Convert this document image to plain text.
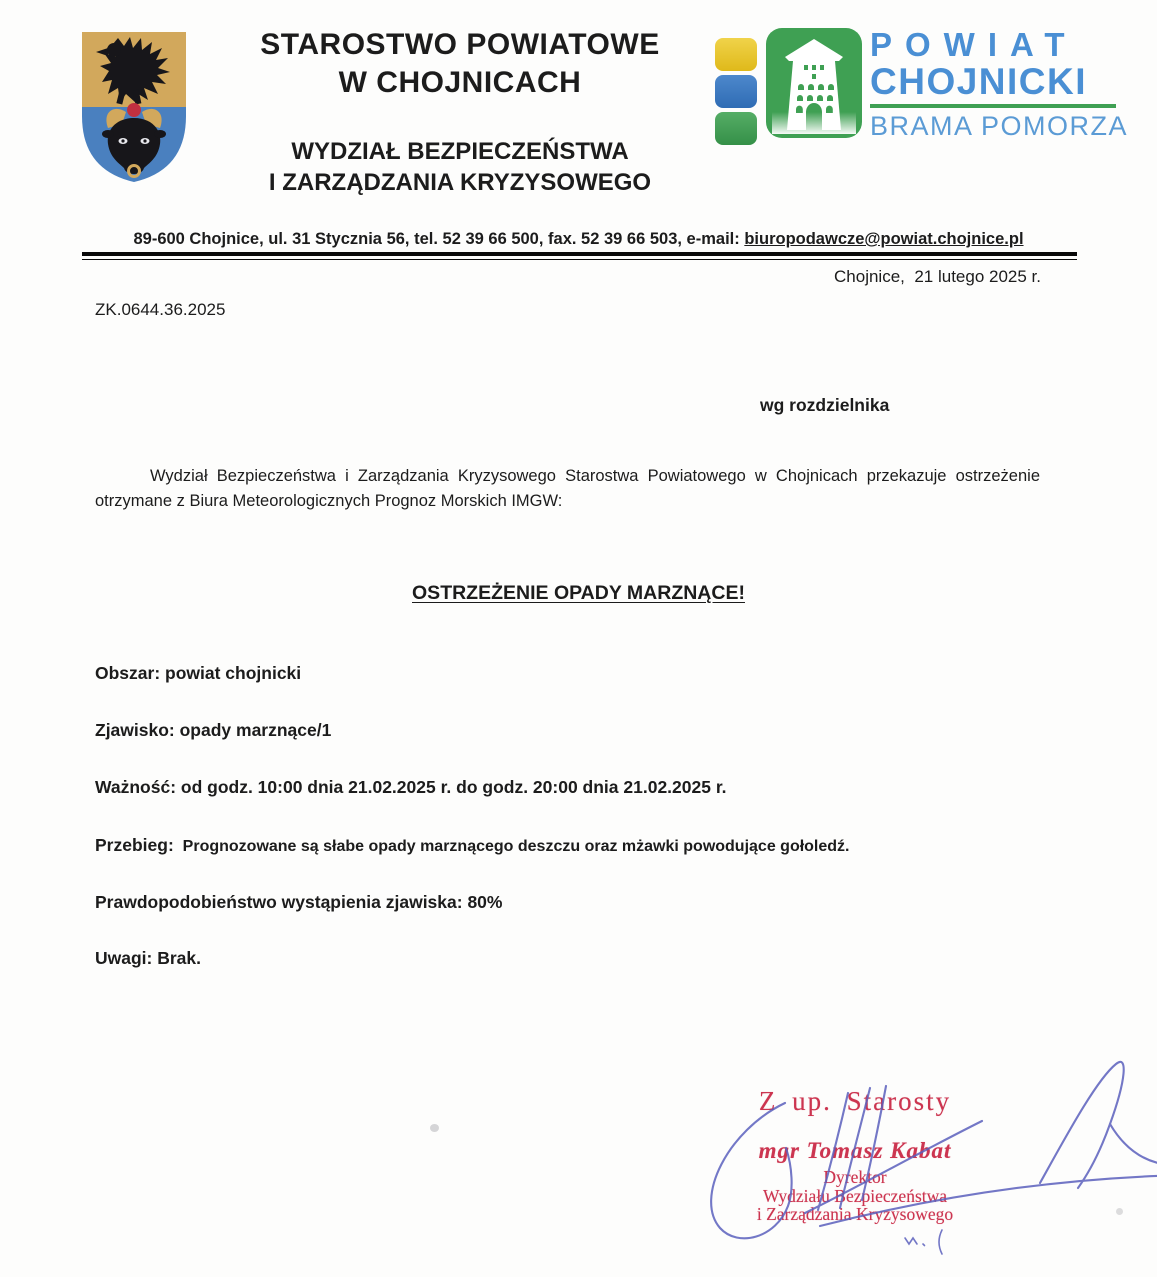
STAROSTWO POWIATOWE
W CHOJNICACH
WYDZIAŁ BEZPIECZEŃSTWA
I ZARZĄDZANIA KRYZYSOWEGO
POWIAT
CHOJNICKI
BRAMA POMORZA
89-600 Chojnice, ul. 31 Stycznia 56, tel. 52 39 66 500, fax. 52 39 66 503, e-mail: biuropodawcze@powiat.chojnice.pl
Chojnice,  21 lutego 2025 r.
ZK.0644.36.2025
wg rozdzielnika

Wydział Bezpieczeństwa i Zarządzania Kryzysowego Starostwa Powiatowego w Chojnicach przekazuje ostrzeżenie otrzymane z Biura Meteorologicznych Prognoz Morskich IMGW:

OSTRZEŻENIE OPADY MARZNĄCE!
Obszar: powiat chojnicki
Zjawisko: opady marznące/1
Ważność: od godz. 10:00 dnia 21.02.2025 r. do godz. 20:00 dnia 21.02.2025 r.
Przebieg:  Prognozowane są słabe opady marznącego deszczu oraz mżawki powodujące gołoledź.
Prawdopodobieństwo wystąpienia zjawiska: 80%
Uwagi: Brak.
Z up. Starosty
mgr Tomasz Kabat
Dyrektor
Wydziału Bezpieczeństwa
i Zarządzania Kryzysowego
